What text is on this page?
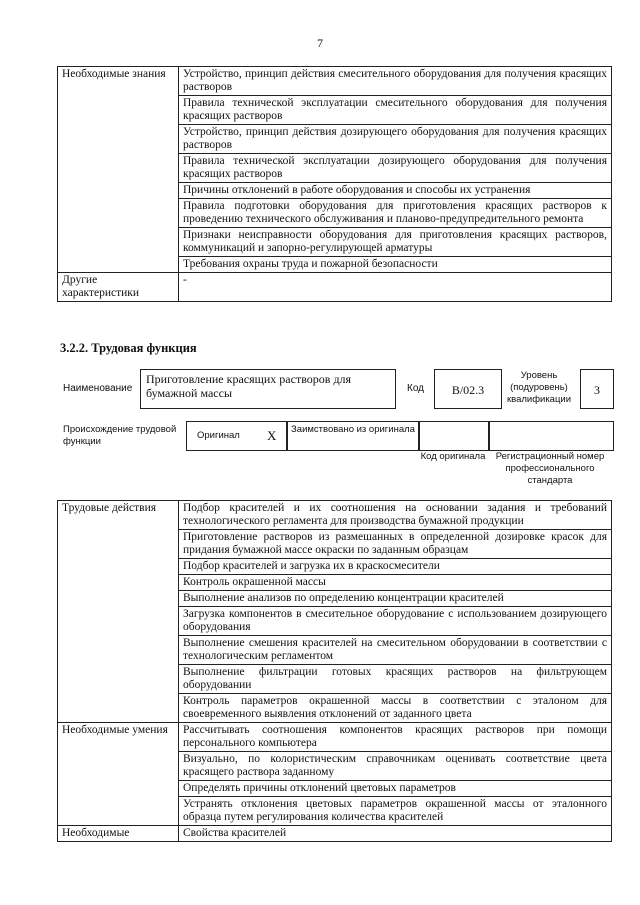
7
Необходимые знания	Устройство, принцип действия смесительного оборудования для получения красящих растворов
	Правила технической эксплуатации смесительного оборудования для получения красящих растворов
	Устройство, принцип действия дозирующего оборудования для получения красящих растворов
	Правила технической эксплуатации дозирующего оборудования для получения красящих растворов
	Причины отклонений в работе оборудования и способы их устранения
	Правила подготовки оборудования для приготовления красящих растворов к проведению технического обслуживания и планово-предупредительного ремонта
	Признаки неисправности оборудования для приготовления красящих растворов, коммуникаций и запорно-регулирующей арматуры
	Требования охраны труда и пожарной безопасности
Другие характеристики	-
3.2.2. Трудовая функция
Наименование
Приготовление красящих растворов для бумажной массы	Код	B/02.3
Уровень (подуровень) квалификации
3
Происхождение трудовой функции
Оригинал X	Заимствовано из оригинала
Код оригинала	Регистрационный номер профессионального стандарта
Трудовые действия	Подбор красителей и их соотношения на основании задания и требований технологического регламента для производства бумажной продукции
	Приготовление растворов из размешанных в определенной дозировке красок для придания бумажной массе окраски по заданным образцам
	Подбор красителей и загрузка их в краскосмесители
	Контроль окрашенной массы
	Выполнение анализов по определению концентрации красителей
	Загрузка компонентов в смесительное оборудование с использованием дозирующего оборудования
	Выполнение смешения красителей на смесительном оборудовании в соответствии с технологическим регламентом
	Выполнение фильтрации готовых красящих растворов на фильтрующем оборудовании
	Контроль параметров окрашенной массы в соответствии с эталоном для своевременного выявления отклонений от заданного цвета
Необходимые умения	Рассчитывать соотношения компонентов красящих растворов при помощи персонального компьютера
	Визуально, по колористическим справочникам оценивать соответствие цвета красящего раствора заданному
	Определять причины отклонений цветовых параметров
	Устранять отклонения цветовых параметров окрашенной массы от эталонного образца путем регулирования количества красителей
Необходимые	Свойства красителей
